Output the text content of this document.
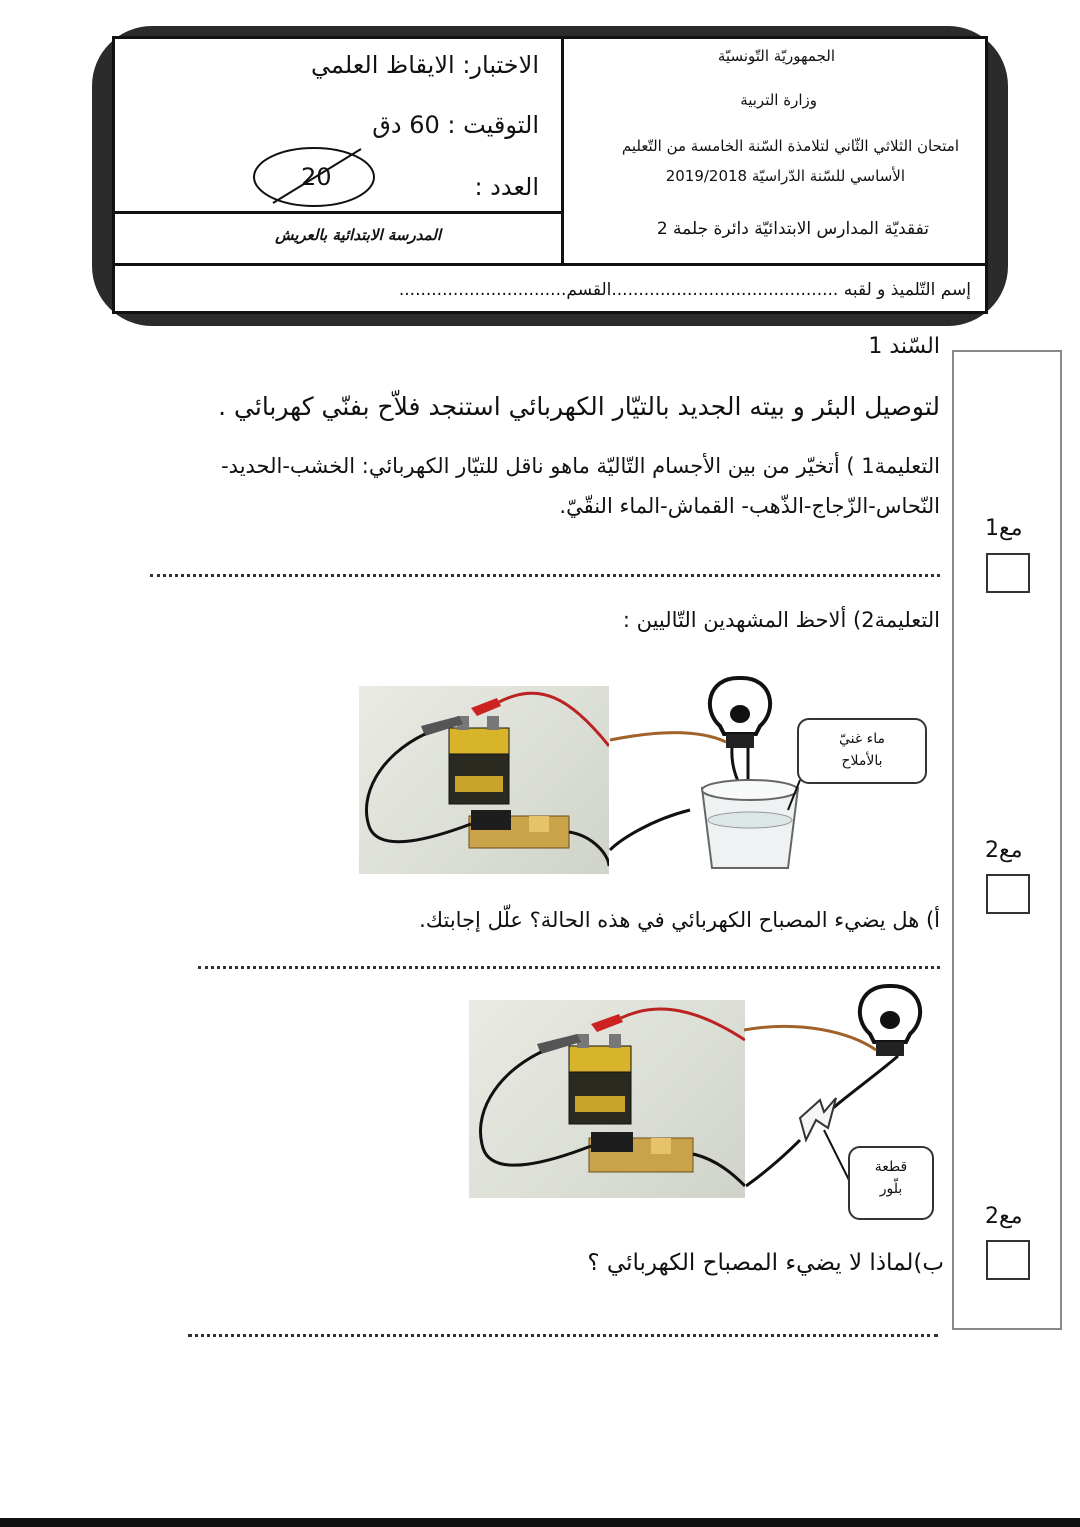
الجمهوريّة التّونسيّة
وزارة التربية
امتحان الثلاثي الثّاني لتلامذة السّنة الخامسة من التّعليم
الأساسي للسّنة الدّراسيّة 2019/2018
تفقديّة المدارس الابتدائيّة دائرة جلمة 2
الاختبار: الايقاظ العلمي
التوقيت : 60 دق
العدد :
20
المدرسة الابتدائية بالعريش
إسم التّلميذ و لقبه ..........................................القسم...............................
مع1
مع2
مع2
السّند 1
لتوصيل البئر و بيته الجديد بالتيّار الكهربائي استنجد فلاّح بفنّي كهربائي .
التعليمة1 ) أتخيّر من بين الأجسام التّاليّة ماهو ناقل للتيّار الكهربائي: الخشب-الحديد-
النّحاس-الزّجاج-الذّهب- القماش-الماء النقّيّ.
التعليمة2) ألاحظ المشهدين التّاليين :
ماء غنيّ
بالأملاح
أ) هل يضيء المصباح الكهربائي في هذه الحالة؟ علّل إجابتك.
قطعة
بلّور
ب)لماذا لا يضيء المصباح الكهربائي ؟
